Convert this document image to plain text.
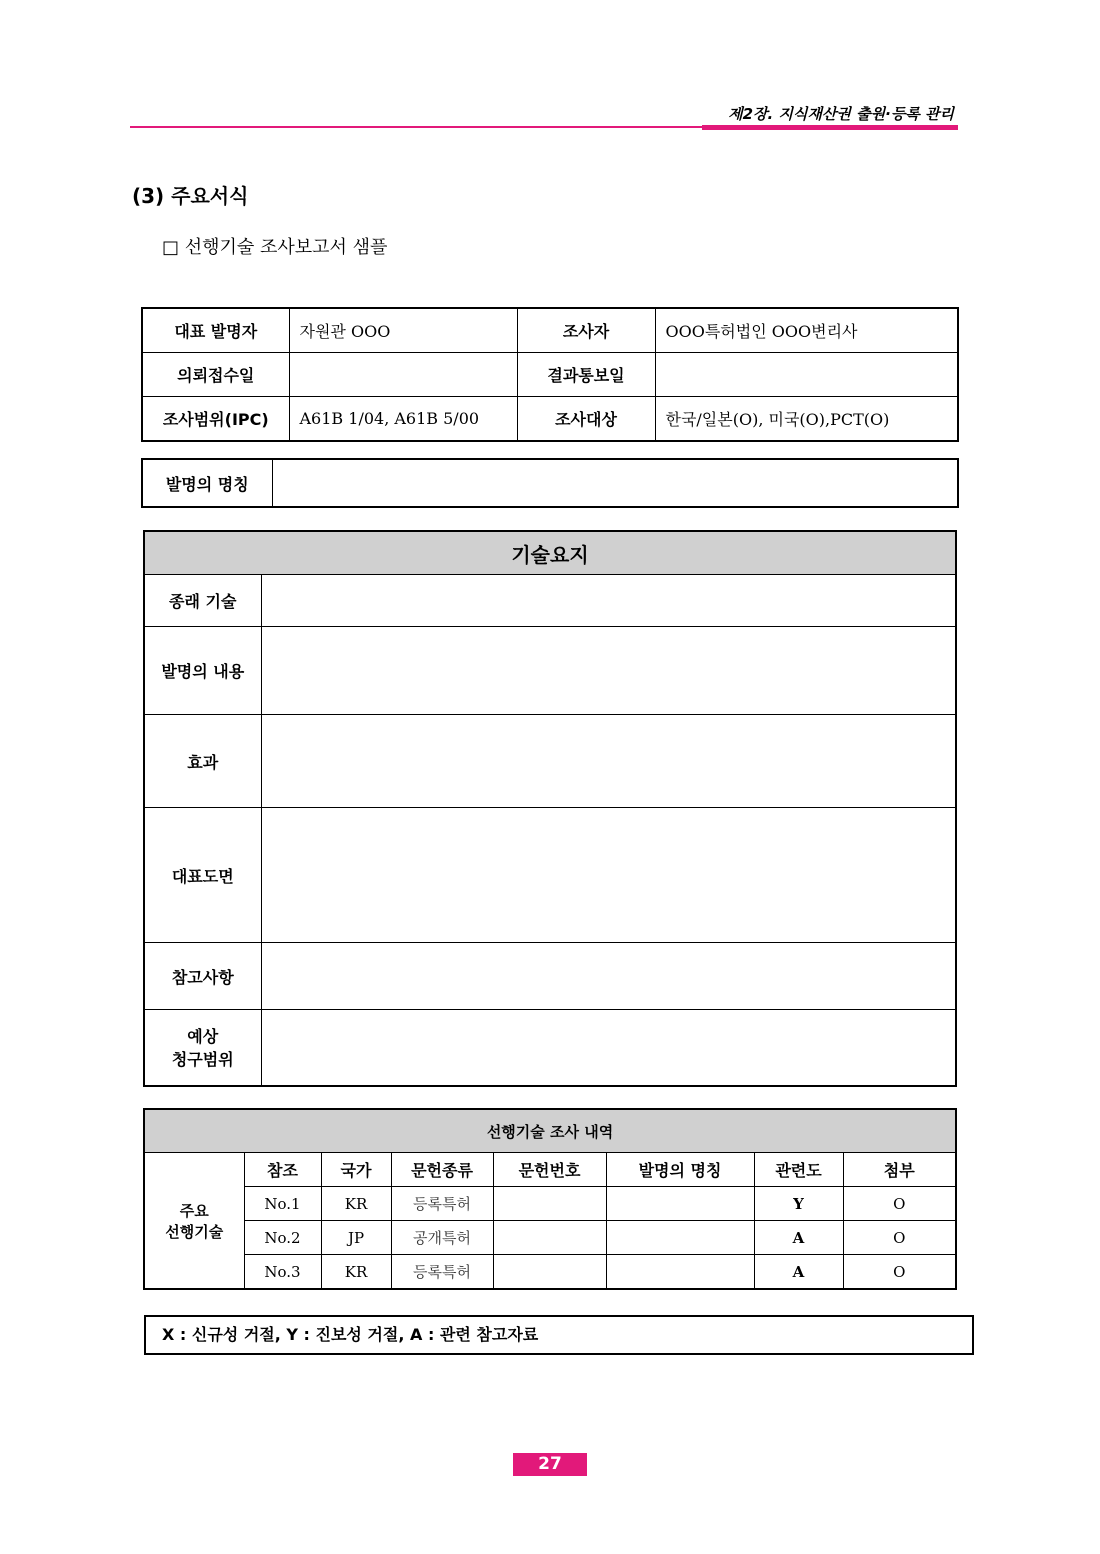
제2장. 지식재산권 출원·등록 관리
(3) 주요서식
□ 선행기술 조사보고서 샘플
대표 발명자	자원관 OOO	조사자	OOO특허법인 OOO변리사
의뢰접수일		결과통보일	
조사범위(IPC)	A61B 1/04, A61B 5/00	조사대상	한국/일본(O), 미국(O),PCT(O)
발명의 명칭	
기술요지	
종래 기술	
발명의 내용	
효과	
대표도면	
참고사항	

예상
청구범위	

선행기술 조사 내역							

주요
선행기술	참조	국가	문헌종류	문헌번호	발명의 명칭	관련도	첨부
	No.1	KR	등록특허			Y	O
	No.2	JP	공개특허			A	O
	No.3	KR	등록특허			A	O
X : 신규성 거절, Y : 진보성 거절, A : 관련 참고자료
27
